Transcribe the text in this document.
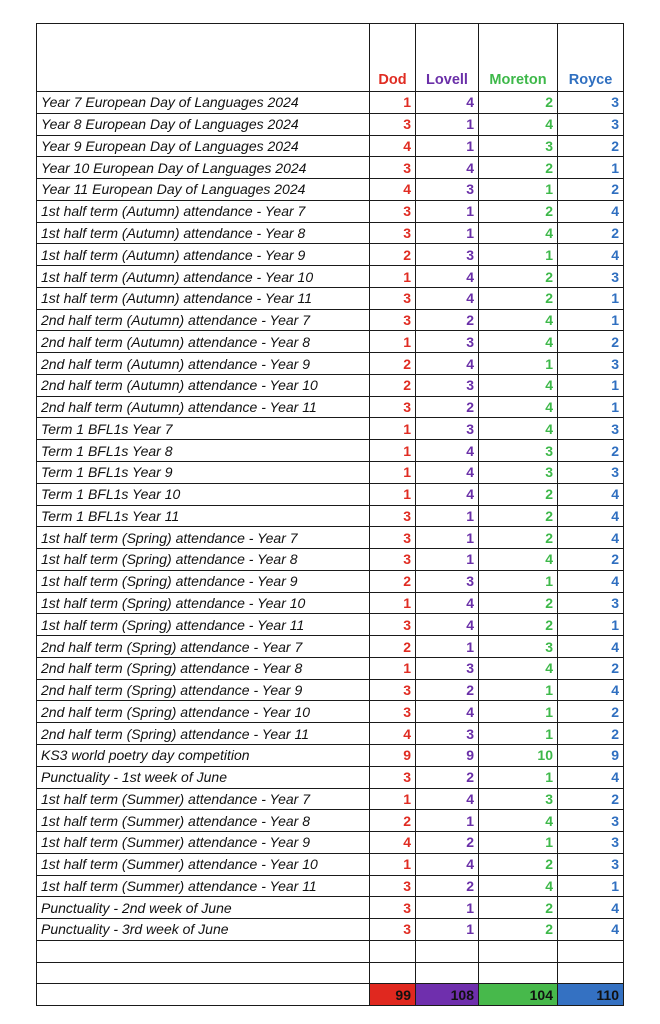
	Dod	Lovell	Moreton	Royce
Year 7 European Day of Languages 2024	1	4	2	3
Year 8 European Day of Languages 2024	3	1	4	3
Year 9 European Day of Languages 2024	4	1	3	2
Year 10 European Day of Languages 2024	3	4	2	1
Year 11 European Day of Languages 2024	4	3	1	2
1st half term (Autumn) attendance - Year 7	3	1	2	4
1st half term (Autumn) attendance - Year 8	3	1	4	2
1st half term (Autumn) attendance - Year 9	2	3	1	4
1st half term (Autumn) attendance - Year 10	1	4	2	3
1st half term (Autumn) attendance - Year 11	3	4	2	1
2nd half term (Autumn) attendance - Year 7	3	2	4	1
2nd half term (Autumn) attendance - Year 8	1	3	4	2
2nd half term (Autumn) attendance - Year 9	2	4	1	3
2nd half term (Autumn) attendance - Year 10	2	3	4	1
2nd half term (Autumn) attendance - Year 11	3	2	4	1
Term 1 BFL1s Year 7	1	3	4	3
Term 1 BFL1s Year 8	1	4	3	2
Term 1 BFL1s Year 9	1	4	3	3
Term 1 BFL1s Year 10	1	4	2	4
Term 1 BFL1s Year 11	3	1	2	4
1st half term (Spring) attendance - Year 7	3	1	2	4
1st half term (Spring) attendance - Year 8	3	1	4	2
1st half term (Spring) attendance - Year 9	2	3	1	4
1st half term (Spring) attendance - Year 10	1	4	2	3
1st half term (Spring) attendance - Year 11	3	4	2	1
2nd half term (Spring) attendance - Year 7	2	1	3	4
2nd half term (Spring) attendance - Year 8	1	3	4	2
2nd half term (Spring) attendance - Year 9	3	2	1	4
2nd half term (Spring) attendance - Year 10	3	4	1	2
2nd half term (Spring) attendance - Year 11	4	3	1	2
KS3 world poetry day competition	9	9	10	9
Punctuality - 1st week of June	3	2	1	4
1st half term (Summer) attendance - Year 7	1	4	3	2
1st half term (Summer) attendance - Year 8	2	1	4	3
1st half term (Summer) attendance - Year 9	4	2	1	3
1st half term (Summer) attendance - Year 10	1	4	2	3
1st half term (Summer) attendance - Year 11	3	2	4	1
Punctuality - 2nd week of June	3	1	2	4
Punctuality - 3rd week of June	3	1	2	4

	99	108	104	110
